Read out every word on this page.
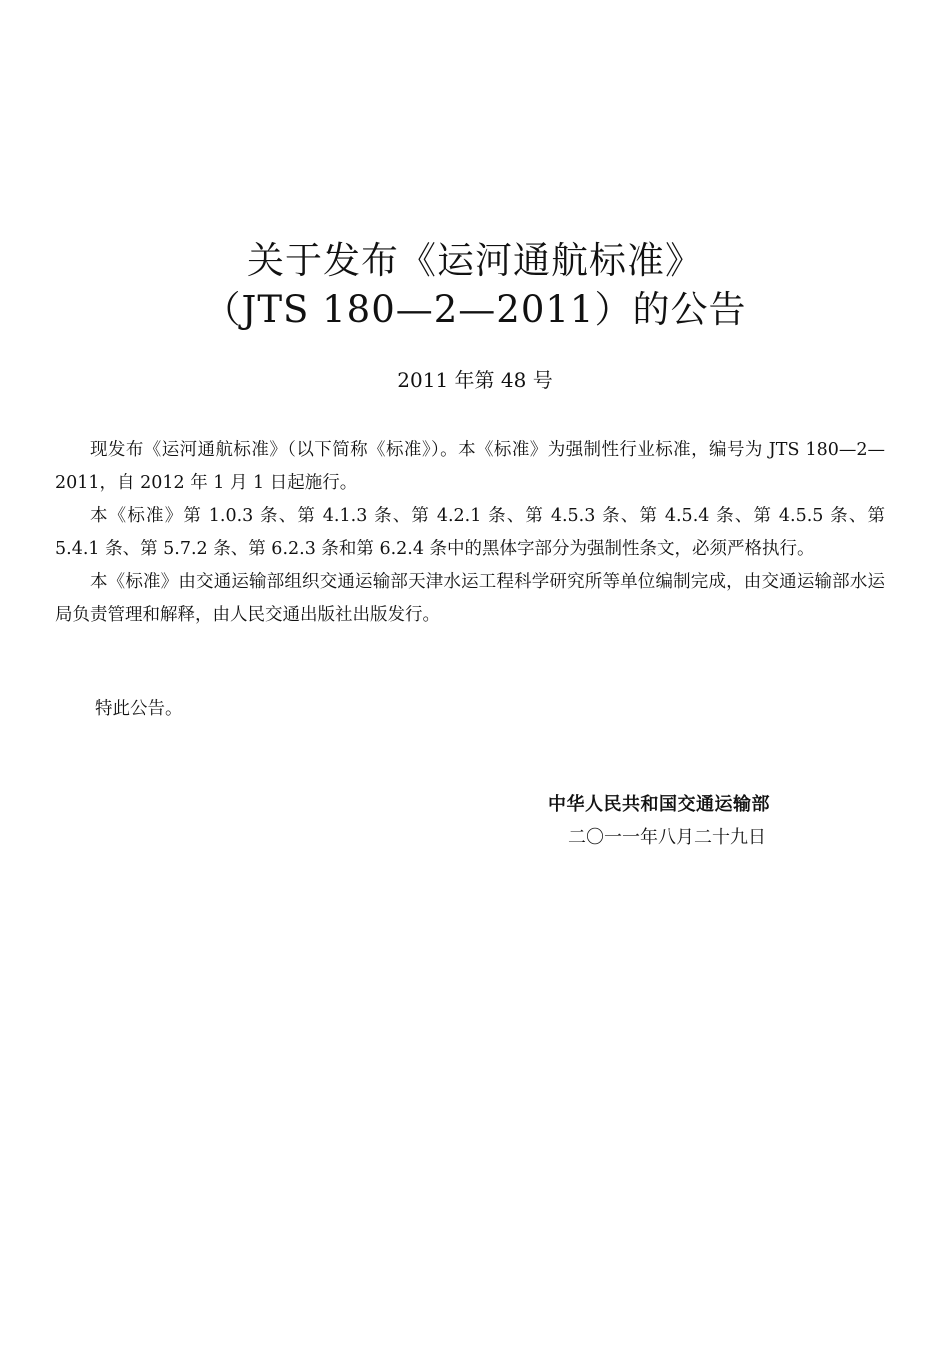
关于发布《运河通航标准》
（JTS 180—2—2011）的公告
2011 年第 48 号

现发布《运河通航标准》（以下简称《标准》）。本《标准》为强制性行业标准，编号为 JTS 180—2—2011，自 2012 年 1 月 1 日起施行。

本《标准》第 1.0.3 条、第 4.1.3 条、第 4.2.1 条、第 4.5.3 条、第 4.5.4 条、第 4.5.5 条、第 5.4.1 条、第 5.7.2 条、第 6.2.3 条和第 6.2.4 条中的黑体字部分为强制性条文，必须严格执行。

本《标准》由交通运输部组织交通运输部天津水运工程科学研究所等单位编制完成，由交通运输部水运局负责管理和解释，由人民交通出版社出版发行。

特此公告。
中华人民共和国交通运输部
二〇一一年八月二十九日
